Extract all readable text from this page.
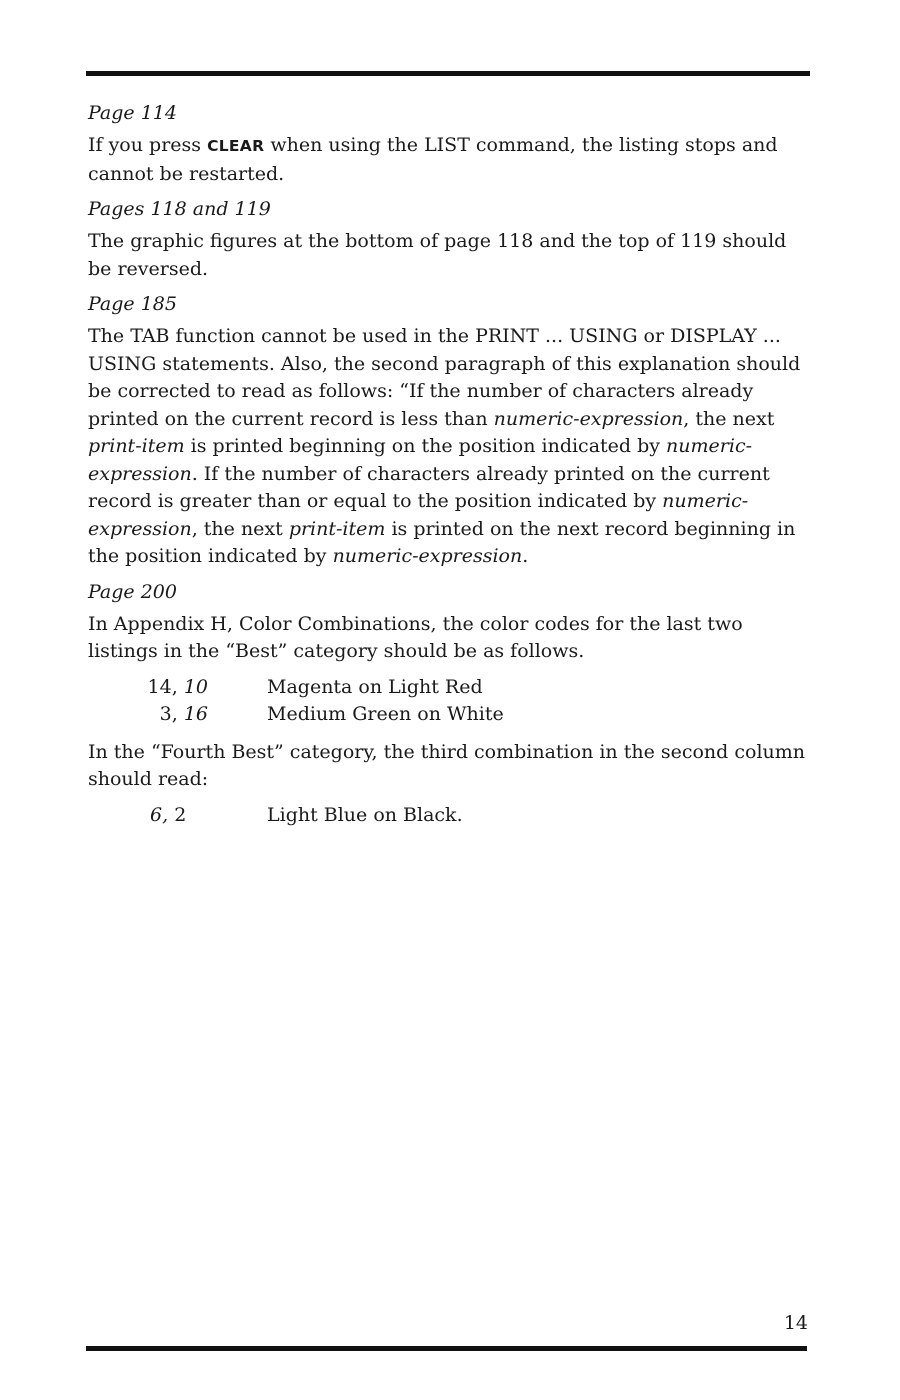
Page 114
If you press CLEAR when using the LIST command, the listing stops and cannot be restarted.
Pages 118 and 119
The graphic figures at the bottom of page 118 and the top of 119 should be reversed.
Page 185
The TAB function cannot be used in the PRINT ... USING or DISPLAY ... USING statements. Also, the second paragraph of this explanation should be corrected to read as follows: “If the number of characters already printed on the current record is less than numeric-expression, the next print-item is printed beginning on the position indicated by numeric-expression. If the number of characters already printed on the current record is greater than or equal to the position indicated by numeric-expression, the next print-item is printed on the next record beginning in the position indicated by numeric-expression.
Page 200
In Appendix H, Color Combinations, the color codes for the last two listings in the “Best” category should be as follows.
14, 10	Magenta on Light Red
3, 16	Medium Green on White
In the “Fourth Best” category, the third combination in the second column should read:
6, 2	Light Blue on Black.
14
